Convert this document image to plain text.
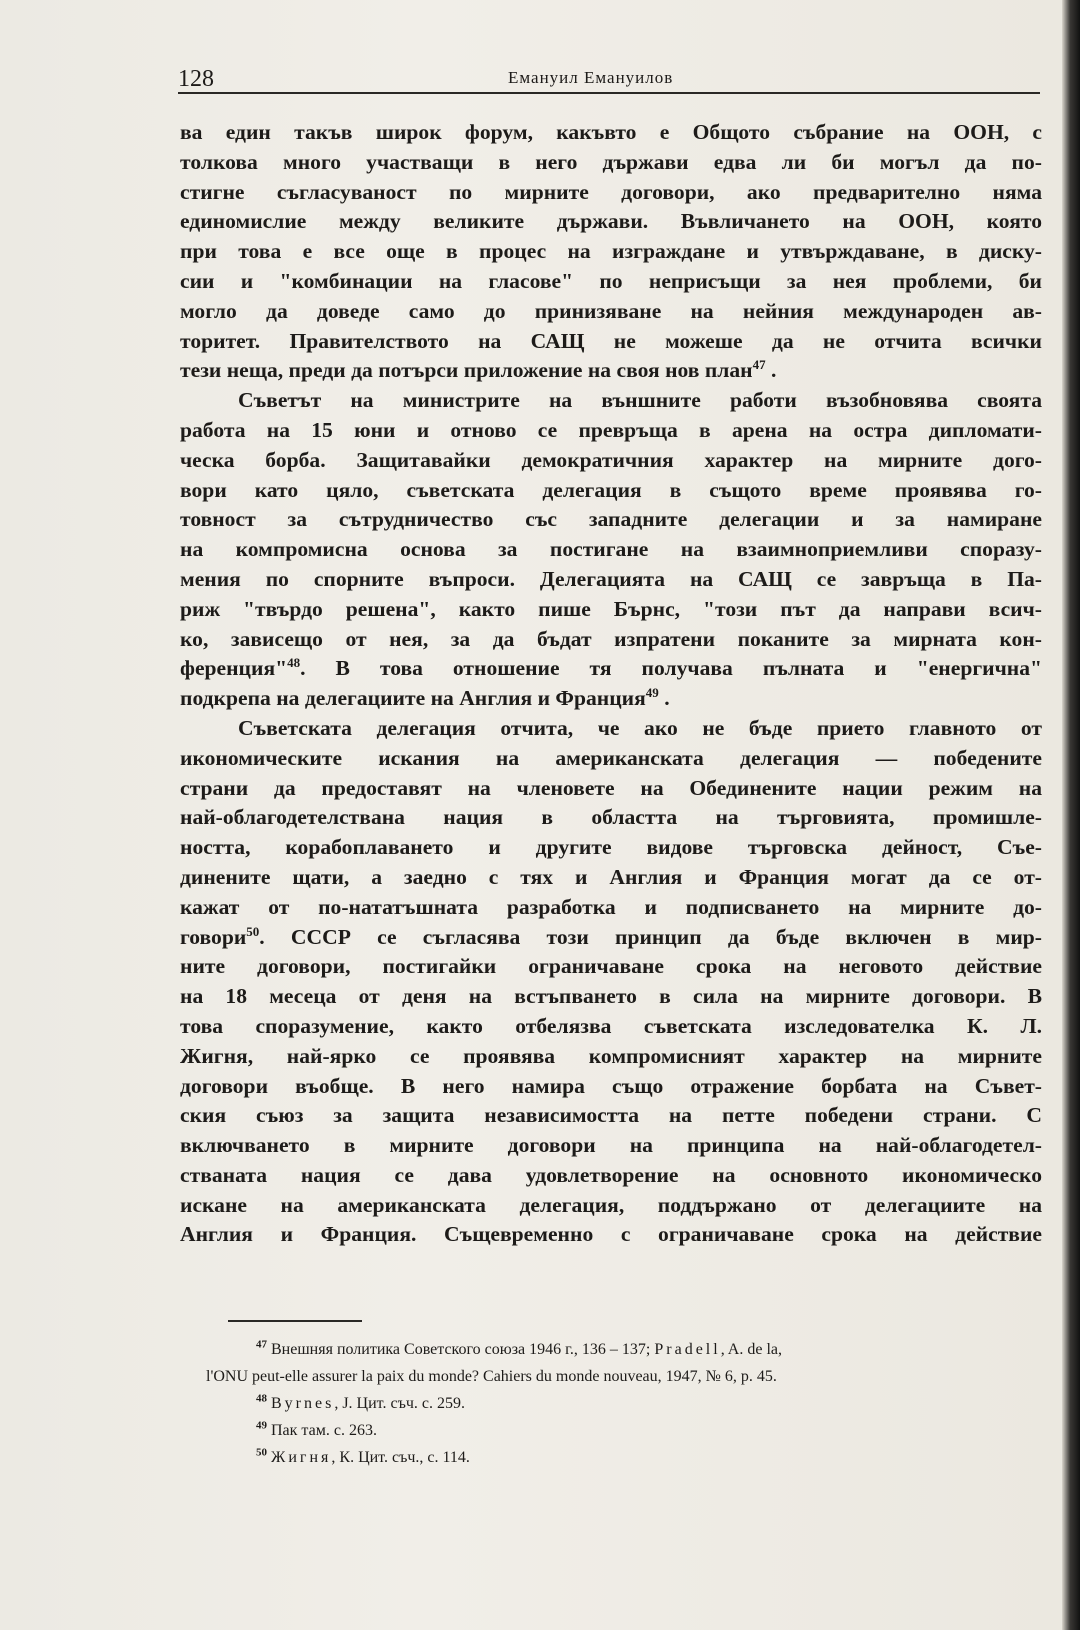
128	Емануил Емануилов
ва един такъв широк форум, какъвто е Общото събрание на ООН, с
толкова много участващи в него държави едва ли би могъл да по-
стигне съгласуваност по мирните договори, ако предварително няма
единомислие между великите държави. Въвличането на ООН, която
при това е все още в процес на изграждане и утвърждаване, в диску-
сии и "комбинации на гласове" по неприсъщи за нея проблеми, би
могло да доведе само до принизяване на нейния международен ав-
торитет. Правителството на САЩ не можеше да не отчита всички
тези неща, преди да потърси приложение на своя нов план$^{47}$ .
Съветът на министрите на външните работи възобновява своята
работа на 15 юни и отново се превръща в арена на остра дипломати-
ческа борба. Защитавайки демократичния характер на мирните дого-
вори като цяло, съветската делегация в същото време проявява го-
товност за сътрудничество със западните делегации и за намиране
на компромисна основа за постигане на взаимноприемливи споразу-
мения по спорните въпроси. Делегацията на САЩ се завръща в Па-
риж "твърдо решена", както пише Бърнс, "този път да направи всич-
ко, зависещо от нея, за да бъдат изпратени поканите за мирната кон-
ференция"$^{48}$. В това отношение тя получава пълната и "енергична"
подкрепа на делегациите на Англия и Франция$^{49}$ .
Съветската делегация отчита, че ако не бъде прието главното от
икономическите искания на американската делегация — победените
страни да предоставят на членовете на Обединените нации режим на
най-облагодетелствана нация в областта на търговията, промишле-
ността, корабоплаването и другите видове търговска дейност, Съе-
динените щати, а заедно с тях и Англия и Франция могат да се от-
кажат от по-нататъшната разработка и подписването на мирните до-
говори$^{50}$. СССР се съгласява този принцип да бъде включен в мир-
ните договори, постигайки ограничаване срока на неговото действие
на 18 месеца от деня на встъпването в сила на мирните договори. В
това споразумение, както отбелязва съветската изследователка К. Л.
Жигня, най-ярко се проявява компромисният характер на мирните
договори въобще. В него намира също отражение борбата на Съвет-
ския съюз за защита независимостта на петте победени страни. С
включването в мирните договори на принципа на най-облагодетел-
стваната нация се дава удовлетворение на основното икономическо
искане на американската делегация, поддържано от делегациите на
Англия и Франция. Същевременно с ограничаване срока на действие
$^{47}$ Внешняя политика Советского союза 1946 г., 136 – 137; Pradell, A. de la,
l'ONU peut-elle assurer la paix du monde? Cahiers du monde nouveau, 1947, № 6, p. 45.
$^{48}$ Byrnes, J. Цит. съч. с. 259.
$^{49}$ Пак там. с. 263.
$^{50}$ Жигня, К. Цит. съч., с. 114.
